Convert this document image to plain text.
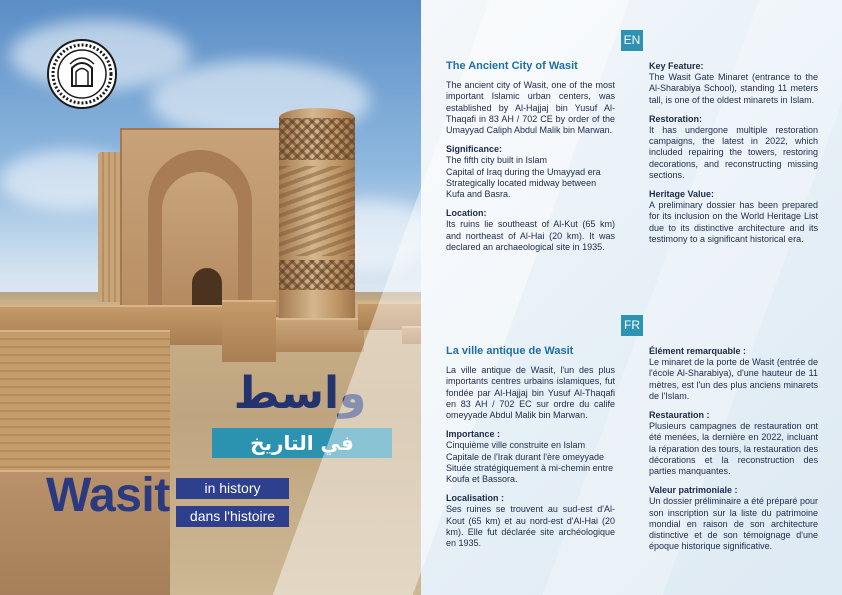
واسط
في التاريخ
Wasit	in history
dans l'histoire
EN
FR

The Ancient City of Wasit

The ancient city of Wasit, one of the most important Islamic urban centers, was established by Al-Hajjaj bin Yusuf Al-Thaqafi in 83 AH / 702 CE by order of the Umayyad Caliph Abdul Malik bin Marwan.

Significance:
The fifth city built in Islam
Capital of Iraq during the Umayyad era
Strategically located midway between Kufa and Basra.

Location:
Its ruins lie southeast of Al-Kut (65 km) and northeast of Al-Hai (20 km). It was declared an archaeological site in 1935.

Key Feature:
The Wasit Gate Minaret (entrance to the Al-Sharabiya School), standing 11 meters tall, is one of the oldest minarets in Islam.

Restoration:
It has undergone multiple restoration campaigns, the latest in 2022, which included repairing the towers, restoring decorations, and reconstructing missing sections.

Heritage Value:
A preliminary dossier has been prepared for its inclusion on the World Heritage List due to its distinctive architecture and its testimony to a significant historical era.

La ville antique de Wasit

La ville antique de Wasit, l'un des plus importants centres urbains islamiques, fut fondée par Al-Hajjaj bin Yusuf Al-Thaqafi en 83 AH / 702 EC sur ordre du calife omeyyade Abdul Malik bin Marwan.

Importance :
Cinquième ville construite en Islam
Capitale de l'Irak durant l'ère omeyyade
Située stratégiquement à mi-chemin entre Koufa et Bassora.

Localisation :
Ses ruines se trouvent au sud-est d'Al-Kout (65 km) et au nord-est d'Al-Hai (20 km). Elle fut déclarée site archéologique en 1935.

Élément remarquable :
Le minaret de la porte de Wasit (entrée de l'école Al-Sharabiya), d'une hauteur de 11 mètres, est l'un des plus anciens minarets de l'Islam.

Restauration :
Plusieurs campagnes de restauration ont été menées, la dernière en 2022, incluant la réparation des tours, la restauration des décorations et la reconstruction des parties manquantes.

Valeur patrimoniale :
Un dossier préliminaire a été préparé pour son inscription sur la liste du patrimoine mondial en raison de son architecture distinctive et de son témoignage d'une époque historique significative.
